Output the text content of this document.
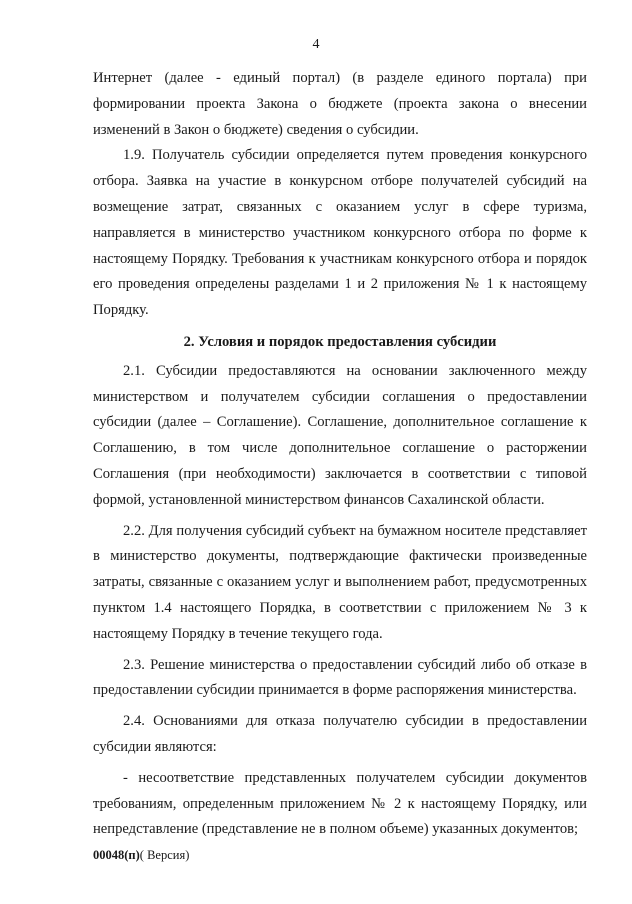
4

Интернет (далее - единый портал) (в разделе единого портала) при формировании проекта Закона о бюджете (проекта закона о внесении изменений в Закон о бюджете) сведения о субсидии.

1.9. Получатель субсидии определяется путем проведения конкурсного отбора. Заявка на участие в конкурсном отборе получателей субсидий на возмещение затрат, связанных с оказанием услуг в сфере туризма, направляется в министерство участником конкурсного отбора по форме к настоящему Порядку. Требования к участникам конкурсного отбора и порядок его проведения определены разделами 1 и 2 приложения № 1 к настоящему Порядку.

2. Условия и порядок предоставления субсидии

2.1. Субсидии предоставляются на основании заключенного между министерством и получателем субсидии соглашения о предоставлении субсидии (далее – Соглашение). Соглашение, дополнительное соглашение к Соглашению, в том числе дополнительное соглашение о расторжении Соглашения (при необходимости) заключается в соответствии с типовой формой, установленной министерством финансов Сахалинской области.

2.2. Для получения субсидий субъект на бумажном носителе представляет в министерство документы, подтверждающие фактически произведенные затраты, связанные с оказанием услуг и выполнением работ, предусмотренных пунктом 1.4 настоящего Порядка, в соответствии с приложением № 3 к настоящему Порядку в течение текущего года.

2.3. Решение министерства о предоставлении субсидий либо об отказе в предоставлении субсидии принимается в форме распоряжения министерства.

2.4. Основаниями для отказа получателю субсидии в предоставлении субсидии являются:

- несоответствие представленных получателем субсидии документов требованиям, определенным приложением № 2 к настоящему Порядку, или непредставление (представление не в полном объеме) указанных документов;

00048(п)( Версия)
